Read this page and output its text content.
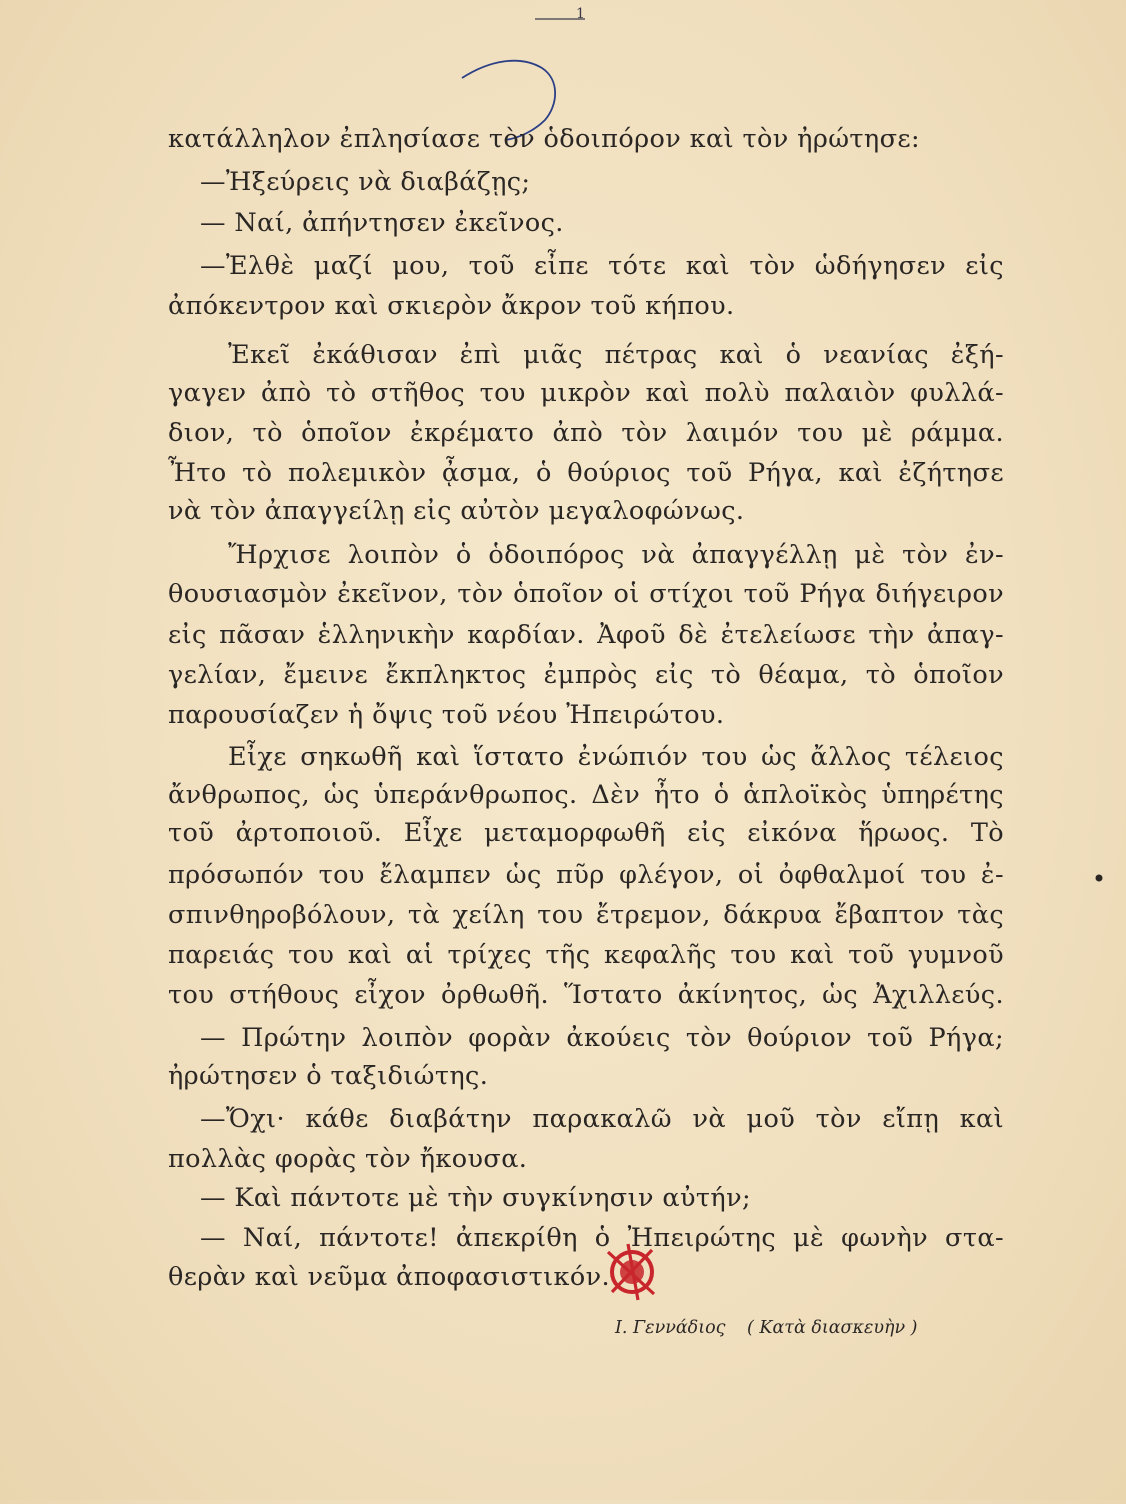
1
κατάλληλον ἐπλησίασε τὸν ὁδοιπόρον καὶ τὸν ἠρώτησε:
—Ἠξεύρεις νὰ διαβάζῃς;
— Ναί, ἀπήντησεν ἐκεῖνος.
—Ἐλθὲ μαζί μου, τοῦ εἶπε τότε καὶ τὸν ὡδήγησεν εἰς
ἀπόκεντρον καὶ σκιερὸν ἄκρον τοῦ κήπου.
Ἐκεῖ ἐκάθισαν ἐπὶ μιᾶς πέτρας καὶ ὁ νεανίας ἐξή-
γαγεν ἀπὸ τὸ στῆθος του μικρὸν καὶ πολὺ παλαιὸν φυλλά-
διον, τὸ ὁποῖον ἐκρέματο ἀπὸ τὸν λαιμόν του μὲ ράμμα.
Ἦτο τὸ πολεμικὸν ᾆσμα, ὁ θούριος τοῦ Ρήγα, καὶ ἐζήτησε
νὰ τὸν ἀπαγγείλῃ εἰς αὐτὸν μεγαλοφώνως.
Ἤρχισε λοιπὸν ὁ ὁδοιπόρος νὰ ἀπαγγέλλῃ μὲ τὸν ἐν-
θουσιασμὸν ἐκεῖνον, τὸν ὁποῖον οἱ στίχοι τοῦ Ρήγα διήγειρον
εἰς πᾶσαν ἑλληνικὴν καρδίαν. Ἀφοῦ δὲ ἐτελείωσε τὴν ἀπαγ-
γελίαν, ἔμεινε ἔκπληκτος ἐμπρὸς εἰς τὸ θέαμα, τὸ ὁποῖον
παρουσίαζεν ἡ ὄψις τοῦ νέου Ἠπειρώτου.
Εἶχε σηκωθῆ καὶ ἵστατο ἐνώπιόν του ὡς ἄλλος τέλειος
ἄνθρωπος, ὡς ὑπεράνθρωπος. Δὲν ἦτο ὁ ἁπλοϊκὸς ὑπηρέτης
τοῦ ἀρτοποιοῦ. Εἶχε μεταμορφωθῆ εἰς εἰκόνα ἥρωος. Τὸ
πρόσωπόν του ἔλαμπεν ὡς πῦρ φλέγον, οἱ ὀφθαλμοί του ἐ-
σπινθηροβόλουν, τὰ χείλη του ἔτρεμον, δάκρυα ἔβαπτον τὰς
παρειάς του καὶ αἱ τρίχες τῆς κεφαλῆς του καὶ τοῦ γυμνοῦ
του στήθους εἶχον ὀρθωθῆ. Ἵστατο ἀκίνητος, ὡς Ἀχιλλεύς.
— Πρώτην λοιπὸν φορὰν ἀκούεις τὸν θούριον τοῦ Ρήγα;
ἠρώτησεν ὁ ταξιδιώτης.
—Ὄχι· κάθε διαβάτην παρακαλῶ νὰ μοῦ τὸν εἴπῃ καὶ
πολλὰς φορὰς τὸν ἤκουσα.
— Καὶ πάντοτε μὲ τὴν συγκίνησιν αὐτήν;
— Ναί, πάντοτε! ἀπεκρίθη ὁ Ἠπειρώτης μὲ φωνὴν στα-
θερὰν καὶ νεῦμα ἀποφασιστικόν.
Ι. Γεννάδιος ( Κατὰ διασκευὴν )
